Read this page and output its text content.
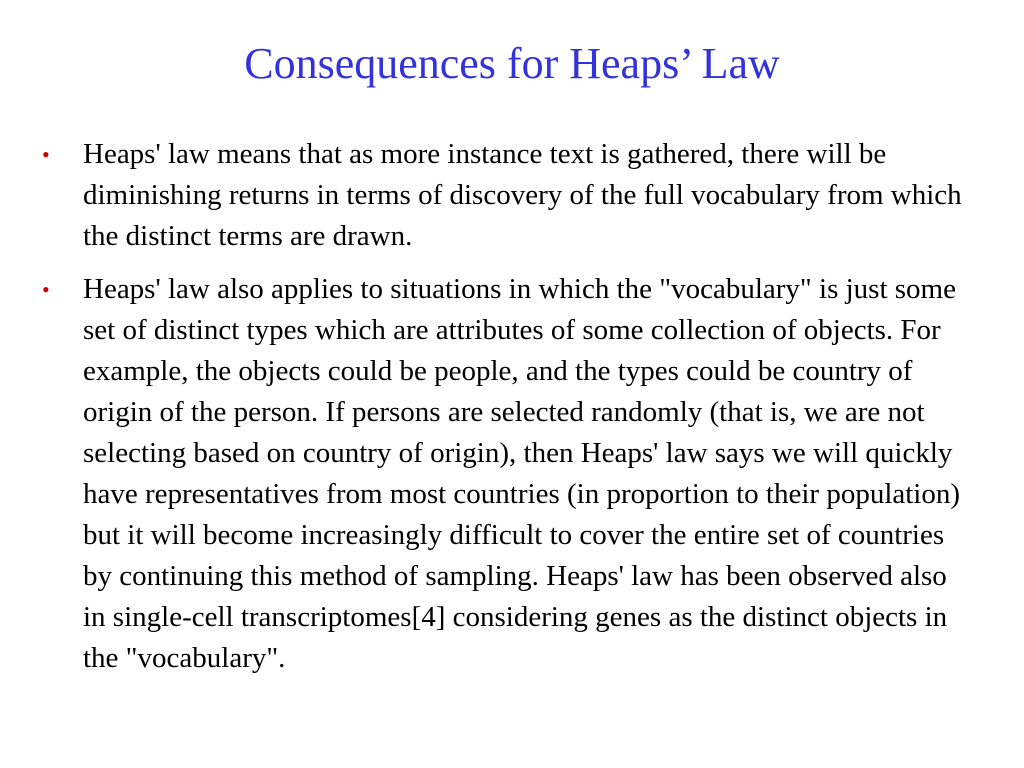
Consequences for Heaps’ Law
• Heaps' law means that as more instance text is gathered, there will be diminishing returns in terms of discovery of the full vocabulary from which the distinct terms are drawn.
• Heaps' law also applies to situations in which the "vocabulary" is just some set of distinct types which are attributes of some collection of objects. For example, the objects could be people, and the types could be country of origin of the person. If persons are selected randomly (that is, we are not selecting based on country of origin), then Heaps' law says we will quickly have representatives from most countries (in proportion to their population) but it will become increasingly difficult to cover the entire set of countries by continuing this method of sampling. Heaps' law has been observed also in single-cell transcriptomes[4] considering genes as the distinct objects in the "vocabulary".
